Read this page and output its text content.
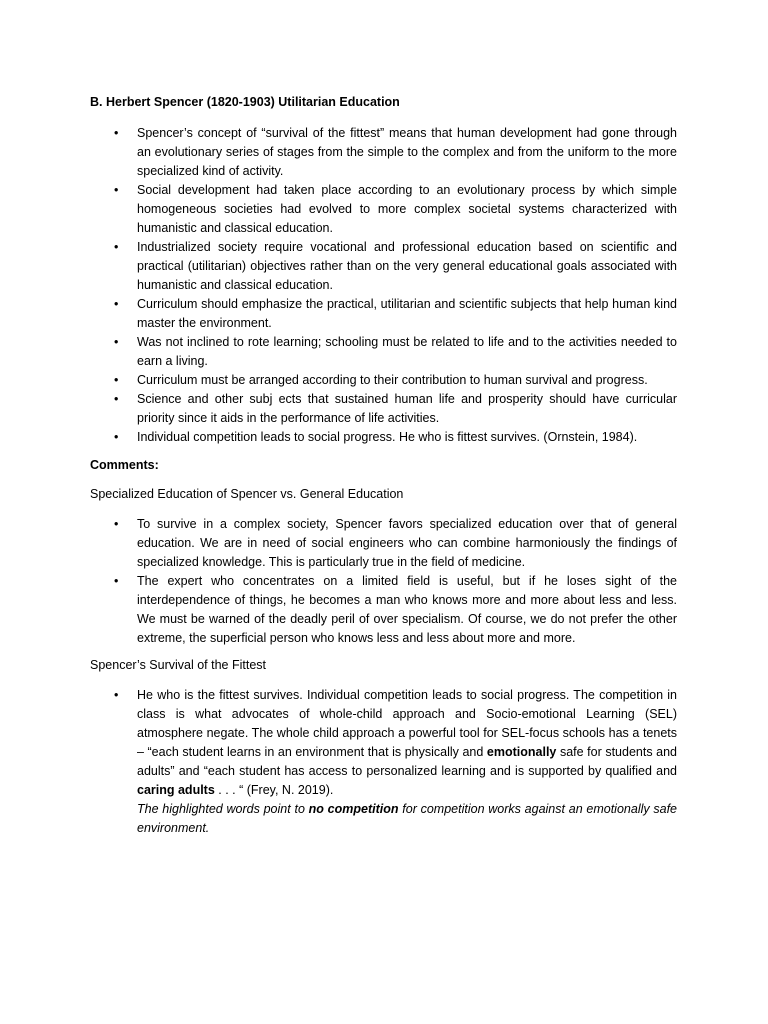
B. Herbert Spencer (1820-1903) Utilitarian Education
• Spencer’s concept of “survival of the fittest” means that human development had gone through an evolutionary series of stages from the simple to the complex and from the uniform to the more specialized kind of activity.
• Social development had taken place according to an evolutionary process by which simple homogeneous societies had evolved to more complex societal systems characterized with humanistic and classical education.
• Industrialized society require vocational and professional education based on scientific and practical (utilitarian) objectives rather than on the very general educational goals associated with humanistic and classical education.
• Curriculum should emphasize the practical, utilitarian and scientific subjects that help human kind master the environment.
• Was not inclined to rote learning; schooling must be related to life and to the activities needed to earn a living.
• Curriculum must be arranged according to their contribution to human survival and progress.
• Science and other subj ects that sustained human life and prosperity should have curricular priority since it aids in the performance of life activities.
• Individual competition leads to social progress. He who is fittest survives. (Ornstein, 1984).
Comments:
Specialized Education of Spencer vs. General Education
• To survive in a complex society, Spencer favors specialized education over that of general education. We are in need of social engineers who can combine harmoniously the findings of specialized knowledge. This is particularly true in the field of medicine.
• The expert who concentrates on a limited field is useful, but if he loses sight of the interdependence of things, he becomes a man who knows more and more about less and less. We must be warned of the deadly peril of over specialism. Of course, we do not prefer the other extreme, the superficial person who knows less and less about more and more.
Spencer’s Survival of the Fittest
• He who is the fittest survives. Individual competition leads to social progress. The competition in class is what advocates of whole-child approach and Socio-emotional Learning (SEL) atmosphere negate. The whole child approach a powerful tool for SEL-focus schools has a tenets – “each student learns in an environment that is physically and emotionally safe for students and adults” and “each student has access to personalized learning and is supported by qualified and caring adults . . . “ (Frey, N. 2019).
The highlighted words point to no competition for competition works against an emotionally safe environment.
